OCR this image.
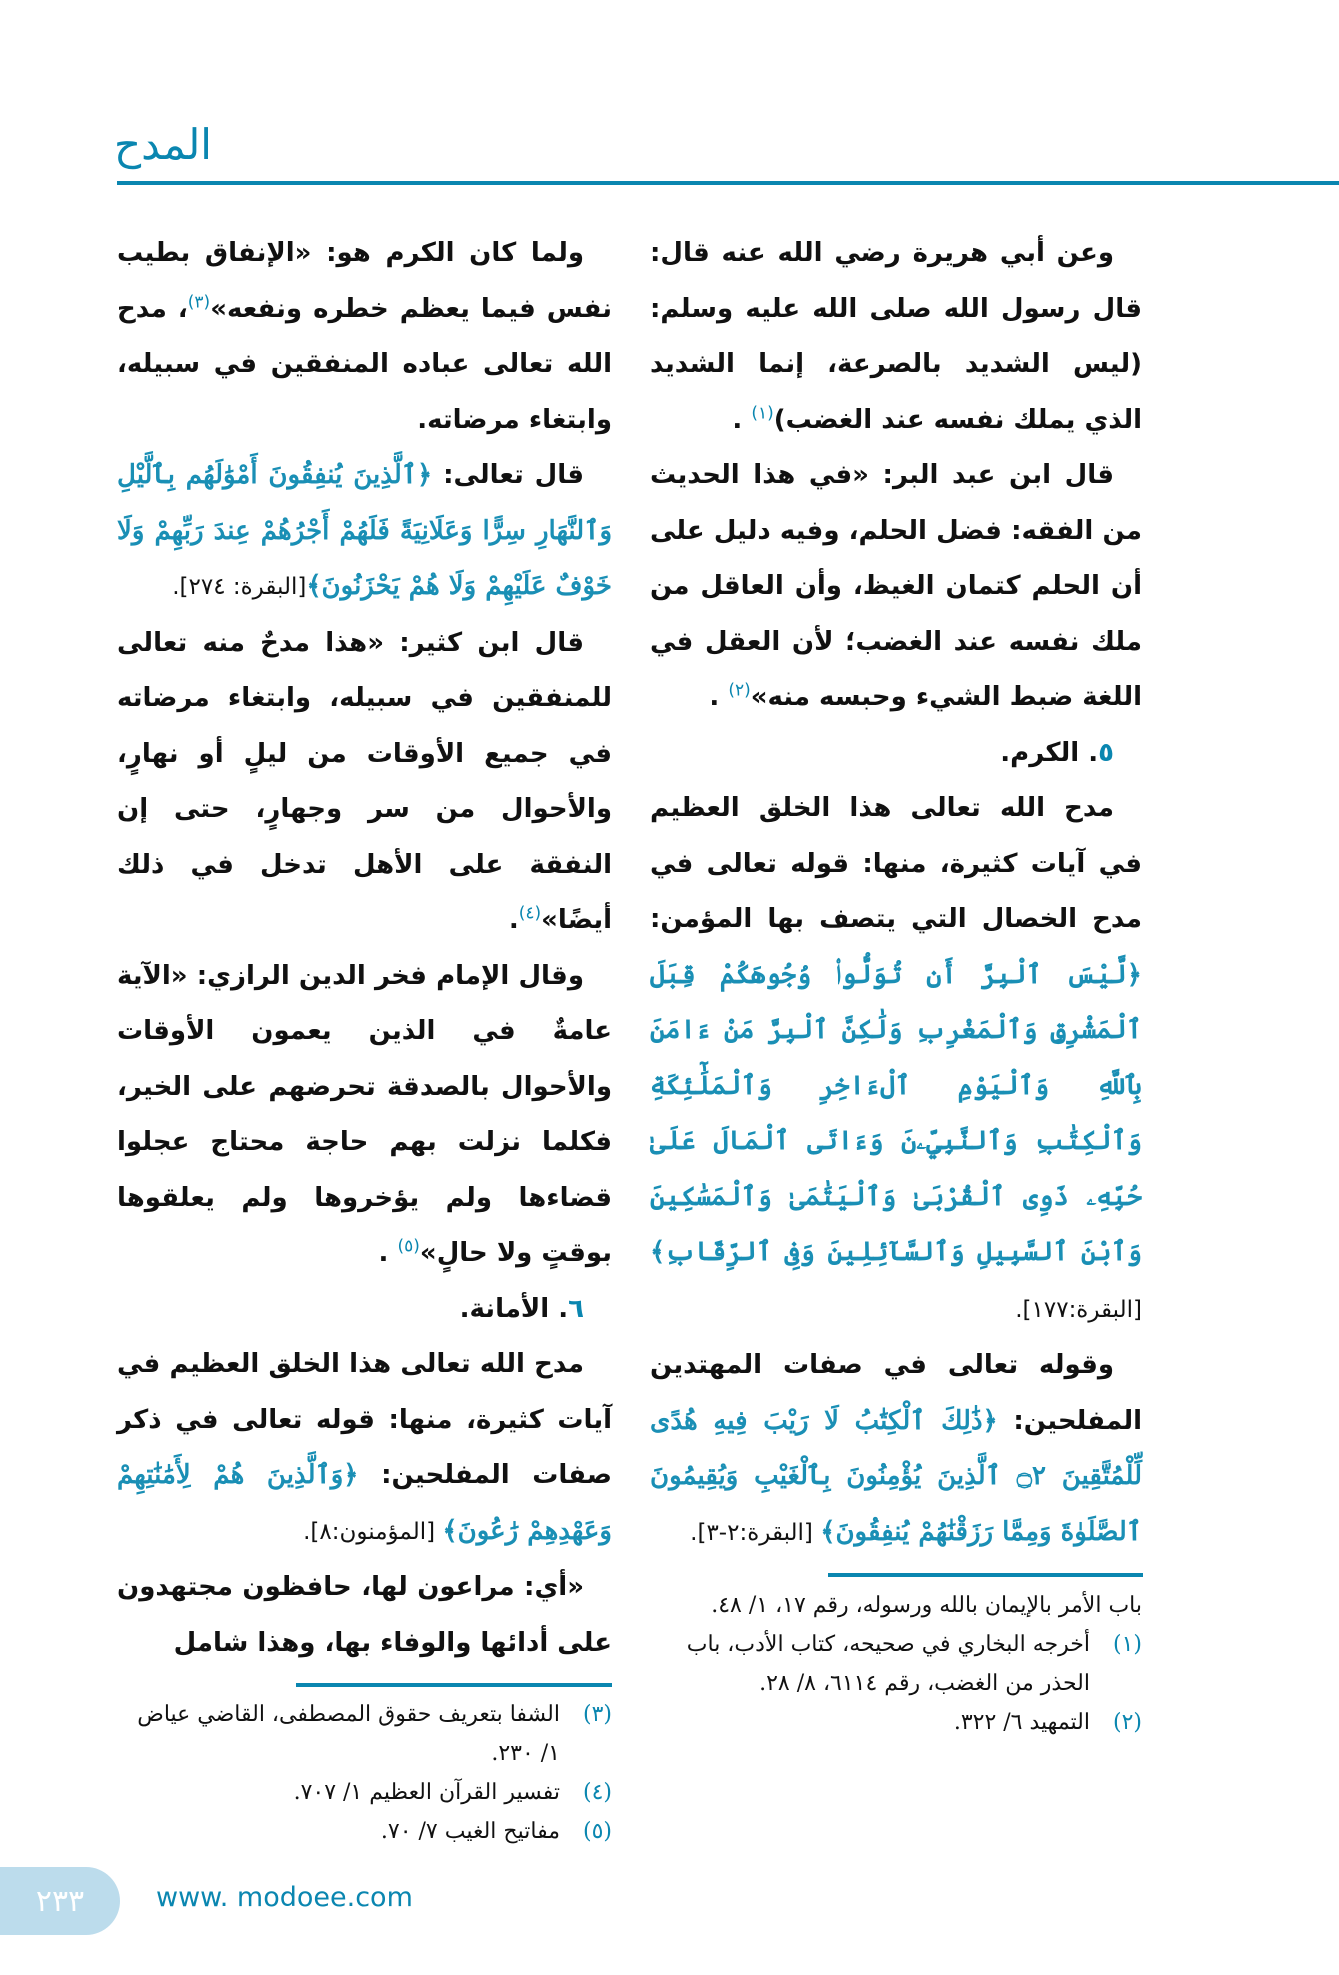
المدح

وعن أبي هريرة رضي الله عنه قال: قال رسول الله صلى الله عليه وسلم: (ليس الشديد بالصرعة، إنما الشديد الذي يملك نفسه عند الغضب)$^{(١)}$ .

قال ابن عبد البر: «في هذا الحديث من الفقه: فضل الحلم، وفيه دليل على أن الحلم كتمان الغيظ، وأن العاقل من ملك نفسه عند الغضب؛ لأن العقل في اللغة ضبط الشيء وحبسه منه»$^{(٢)}$ .

٥. الكرم.

مدح الله تعالى هذا الخلق العظيم في آيات كثيرة، منها: قوله تعالى في مدح الخصال التي يتصف بها المؤمن: ﴿لَّيْسَ ٱلْبِرَّ أَن تُوَلُّوا۟ وُجُوهَكُمْ قِبَلَ ٱلْمَشْرِقِ وَٱلْمَغْرِبِ وَلَٰكِنَّ ٱلْبِرَّ مَنْ ءَامَنَ بِٱللَّهِ وَٱلْيَوْمِ ٱلْءَاخِرِ وَٱلْمَلَٰٓئِكَةِ وَٱلْكِتَٰبِ وَٱلنَّبِيِّۦنَ وَءَاتَى ٱلْمَالَ عَلَىٰ حُبِّهِۦ ذَوِى ٱلْقُرْبَىٰ وَٱلْيَتَٰمَىٰ وَٱلْمَسَٰكِينَ وَٱبْنَ ٱلسَّبِيلِ وَٱلسَّآئِلِينَ وَفِى ٱلرِّقَابِ﴾ [البقرة:١٧٧].

وقوله تعالى في صفات المهتدين المفلحين: ﴿ذَٰلِكَ ٱلْكِتَٰبُ لَا رَيْبَ فِيهِ هُدًى لِّلْمُتَّقِينَ ۝٢ ٱلَّذِينَ يُؤْمِنُونَ بِٱلْغَيْبِ وَيُقِيمُونَ ٱلصَّلَوٰةَ وَمِمَّا رَزَقْنَٰهُمْ يُنفِقُونَ﴾ [البقرة:٢-٣].

ولما كان الكرم هو: «الإنفاق بطيب نفس فيما يعظم خطره ونفعه»$^{(٣)}$، مدح الله تعالى عباده المنفقين في سبيله، وابتغاء مرضاته.

قال تعالى: ﴿ٱلَّذِينَ يُنفِقُونَ أَمْوَٰلَهُم بِٱلَّيْلِ وَٱلنَّهَارِ سِرًّا وَعَلَانِيَةً فَلَهُمْ أَجْرُهُمْ عِندَ رَبِّهِمْ وَلَا خَوْفٌ عَلَيْهِمْ وَلَا هُمْ يَحْزَنُونَ﴾[البقرة: ٢٧٤].

قال ابن كثير: «هذا مدحٌ منه تعالى للمنفقين في سبيله، وابتغاء مرضاته في جميع الأوقات من ليلٍ أو نهارٍ، والأحوال من سر وجهارٍ، حتى إن النفقة على الأهل تدخل في ذلك أيضًا»$^{(٤)}$.

وقال الإمام فخر الدين الرازي: «الآية عامةٌ في الذين يعمون الأوقات والأحوال بالصدقة تحرضهم على الخير، فكلما نزلت بهم حاجة محتاج عجلوا قضاءها ولم يؤخروها ولم يعلقوها بوقتٍ ولا حالٍ»$^{(٥)}$ .

٦. الأمانة.

مدح الله تعالى هذا الخلق العظيم في آيات كثيرة، منها: قوله تعالى في ذكر صفات المفلحين: ﴿وَٱلَّذِينَ هُمْ لِأَمَٰنَٰتِهِمْ وَعَهْدِهِمْ رَٰعُونَ﴾ [المؤمنون:٨].

«أي: مراعون لها، حافظون مجتهدون على أدائها والوفاء بها، وهذا شامل

باب الأمر بالإيمان بالله ورسوله، رقم ١٧، ١/ ٤٨.
(١)أخرجه البخاري في صحيحه، كتاب الأدب، باب الحذر من الغضب، رقم ٦١١٤، ٨/ ٢٨.
(٢)التمهيد ٦/ ٣٢٢.
(٣)الشفا بتعريف حقوق المصطفى، القاضي عياض ١/ ٢٣٠.
(٤)تفسير القرآن العظيم ١/ ٧٠٧.
(٥)مفاتيح الغيب ٧/ ٧٠.
٢٣٣	www. modoee.com
